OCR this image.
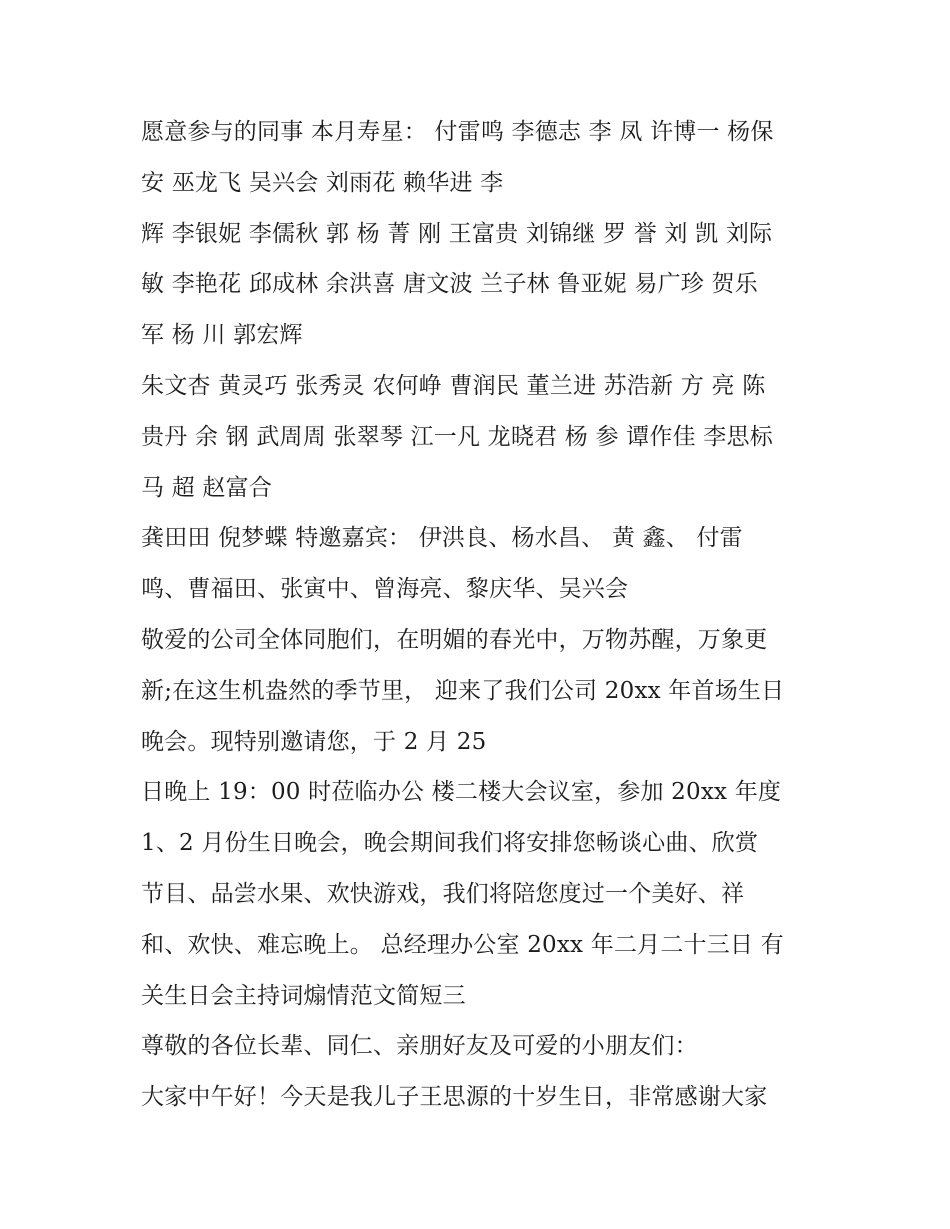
愿意参与的同事 本月寿星： 付雷鸣 李德志 李 凤 许博一 杨保
安 巫龙飞 吴兴会 刘雨花 赖华进 李
辉 李银妮 李儒秋 郭 杨 菁 刚 王富贵 刘锦继 罗 誉 刘 凯 刘际
敏 李艳花 邱成林 余洪喜 唐文波 兰子林 鲁亚妮 易广珍 贺乐
军 杨 川 郭宏辉
朱文杏 黄灵巧 张秀灵 农何峥 曹润民 董兰进 苏浩新 方 亮 陈
贵丹 余 钢 武周周 张翠琴 江一凡 龙晓君 杨 参 谭作佳 李思标
马 超 赵富合
龚田田 倪梦蝶 特邀嘉宾： 伊洪良、杨水昌、 黄 鑫、 付雷
鸣、曹福田、张寅中、曾海亮、黎庆华、吴兴会
敬爱的公司全体同胞们，在明媚的春光中，万物苏醒，万象更
新;在这生机盎然的季节里， 迎来了我们公司 20xx 年首场生日
晚会。现特别邀请您，于 2 月 25
日晚上 19：00 时莅临办公 楼二楼大会议室，参加 20xx 年度
1、2 月份生日晚会，晚会期间我们将安排您畅谈心曲、欣赏
节目、品尝水果、欢快游戏，我们将陪您度过一个美好、祥
和、欢快、难忘晚上。 总经理办公室 20xx 年二月二十三日 有
关生日会主持词煽情范文简短三
尊敬的各位长辈、同仁、亲朋好友及可爱的小朋友们：
大家中午好！今天是我儿子王思源的十岁生日，非常感谢大家
